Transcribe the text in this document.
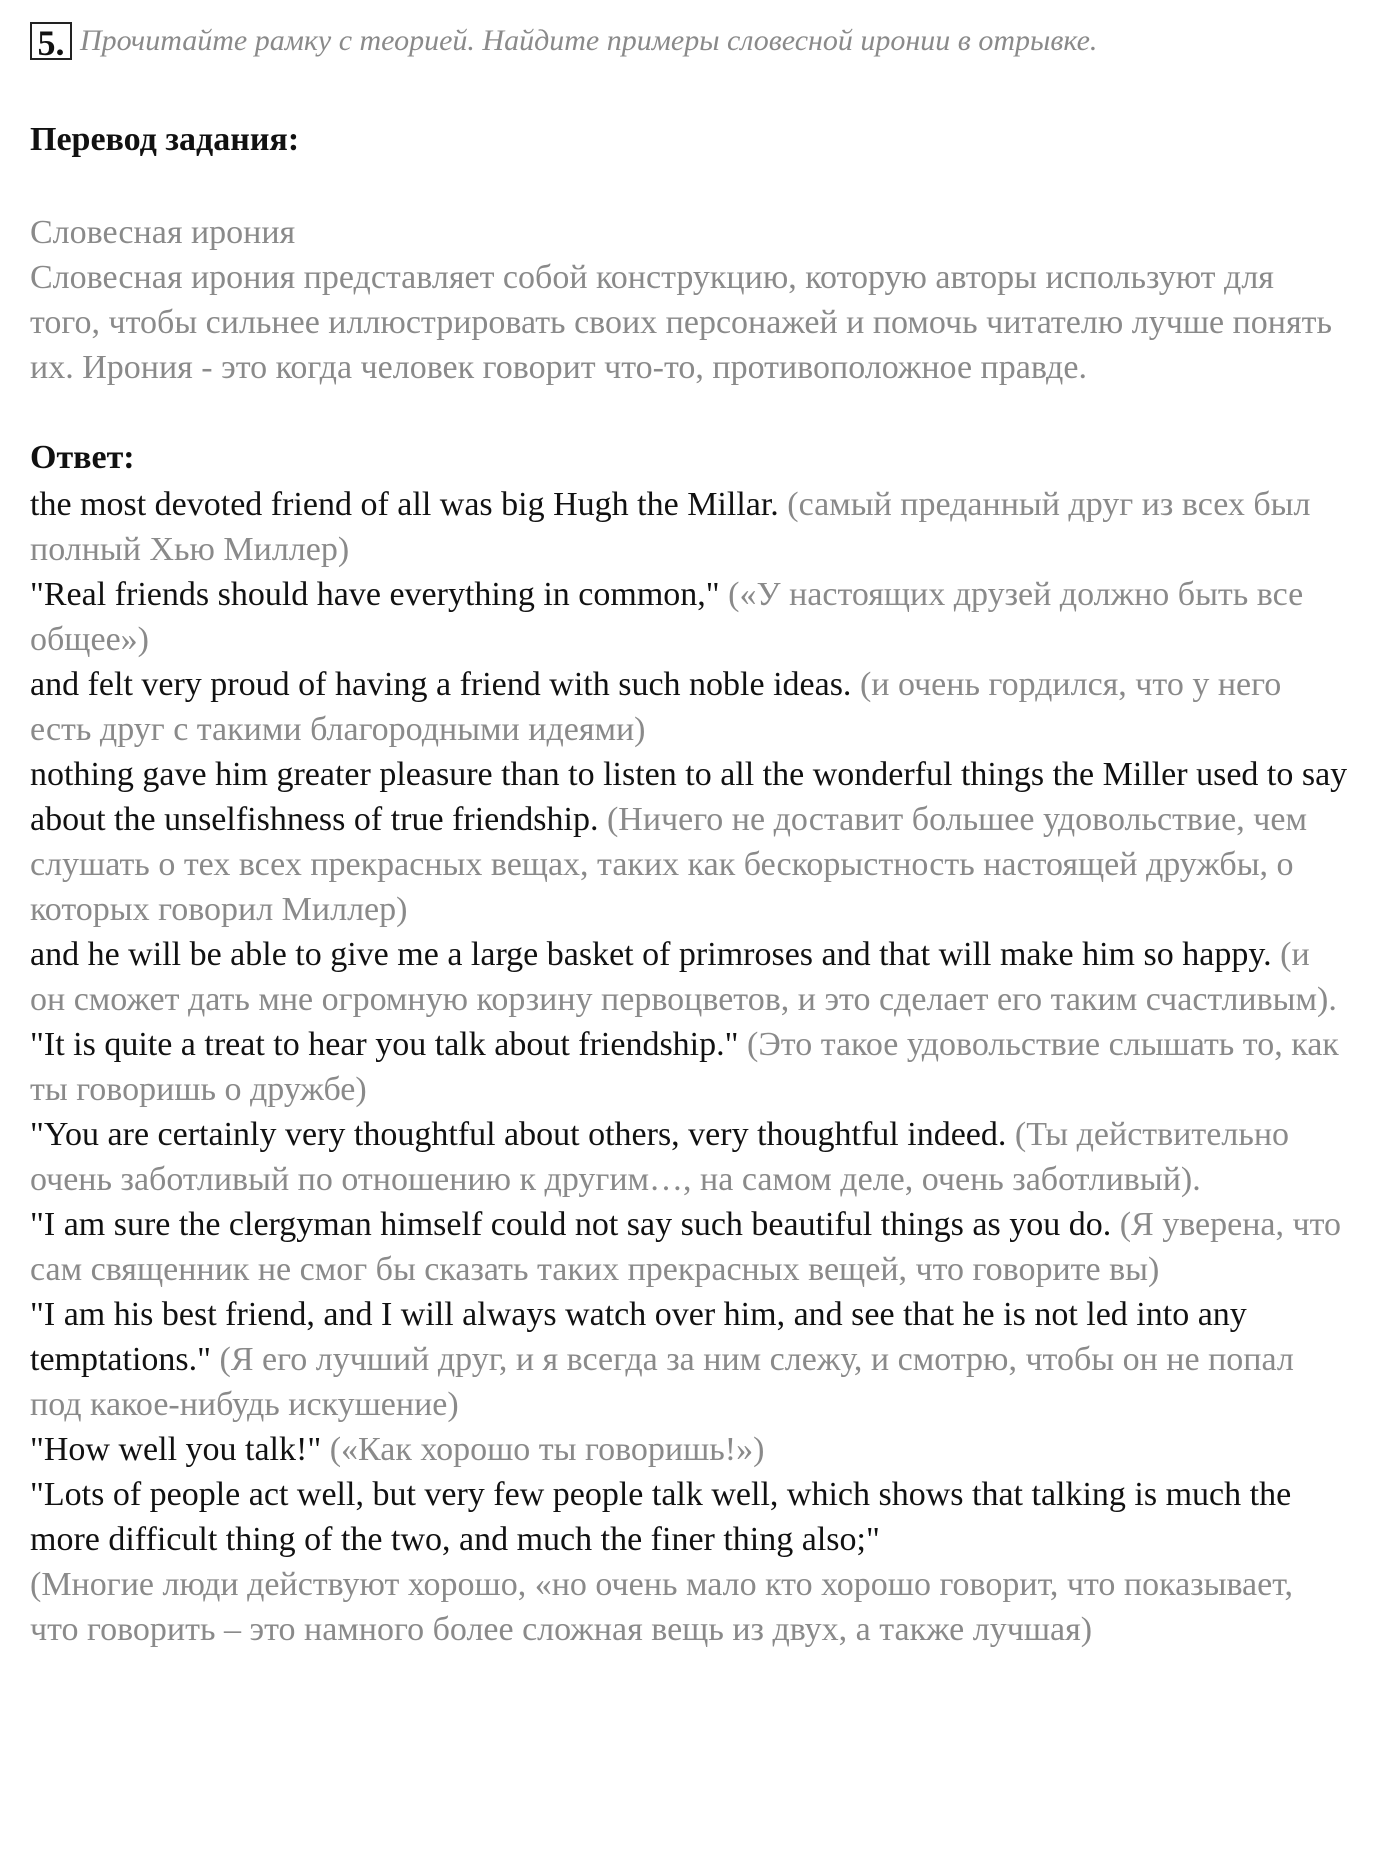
5. Прочитайте рамку с теорией. Найдите примеры словесной иронии в отрывке.

Перевод задания:

Словесная ирония
Словесная ирония представляет собой конструкцию, которую авторы используют для того, чтобы сильнее иллюстрировать своих персонажей и помочь читателю лучше понять их. Ирония - это когда человек говорит что-то, противоположное правде.

Ответ:

the most devoted friend of all was big Hugh the Millar. (самый преданный друг из всех был полный Хью Миллер)

"Real friends should have everything in common," («У настоящих друзей должно быть все общее»)

and felt very proud of having a friend with such noble ideas. (и очень гордился, что у него есть друг с такими благородными идеями)

nothing gave him greater pleasure than to listen to all the wonderful things the Miller used to say about the unselfishness of true friendship. (Ничего не доставит большее удовольствие, чем слушать о тех всех прекрасных вещах, таких как бескорыстность настоящей дружбы, о которых говорил Миллер)

and he will be able to give me a large basket of primroses and that will make him so happy. (и он сможет дать мне огромную корзину первоцветов, и это сделает его таким счастливым).

"It is quite a treat to hear you talk about friendship." (Это такое удовольствие слышать то, как ты говоришь о дружбе)

"You are certainly very thoughtful about others, very thoughtful indeed. (Ты действительно очень заботливый по отношению к другим…, на самом деле, очень заботливый).

"I am sure the clergyman himself could not say such beautiful things as you do. (Я уверена, что сам священник не смог бы сказать таких прекрасных вещей, что говорите вы)

"I am his best friend, and I will always watch over him, and see that he is not led into any temptations." (Я его лучший друг, и я всегда за ним слежу, и смотрю, чтобы он не попал под какое-нибудь искушение)

"How well you talk!" («Как хорошо ты говоришь!»)

"Lots of people act well, but very few people talk well, which shows that talking is much the more difficult thing of the two, and much the finer thing also;"
(Многие люди действуют хорошо, «но очень мало кто хорошо говорит, что показывает, что говорить – это намного более сложная вещь из двух, а также лучшая)
